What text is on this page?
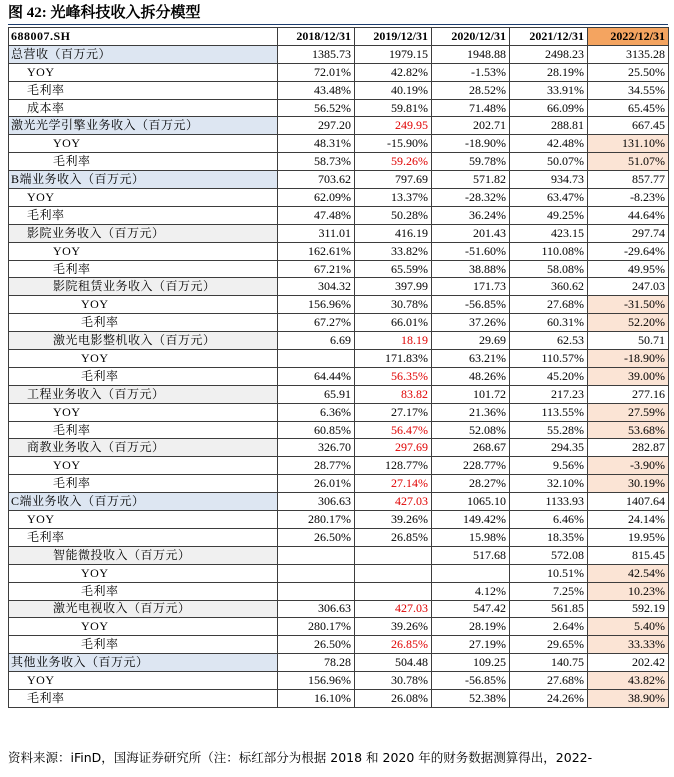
图 42: 光峰科技收入拆分模型
688007.SH	2018/12/31	2019/12/31	2020/12/31	2021/12/31	2022/12/31
总营收（百万元）	1385.73	1979.15	1948.88	2498.23	3135.28
YOY	72.01%	42.82%	-1.53%	28.19%	25.50%
毛利率	43.48%	40.19%	28.52%	33.91%	34.55%
成本率	56.52%	59.81%	71.48%	66.09%	65.45%
激光光学引擎业务收入（百万元）	297.20	249.95	202.71	288.81	667.45
YOY	48.31%	-15.90%	-18.90%	42.48%	131.10%
毛利率	58.73%	59.26%	59.78%	50.07%	51.07%
B端业务收入（百万元）	703.62	797.69	571.82	934.73	857.77
YOY	62.09%	13.37%	-28.32%	63.47%	-8.23%
毛利率	47.48%	50.28%	36.24%	49.25%	44.64%
影院业务收入（百万元）	311.01	416.19	201.43	423.15	297.74
YOY	162.61%	33.82%	-51.60%	110.08%	-29.64%
毛利率	67.21%	65.59%	38.88%	58.08%	49.95%
影院租赁业务收入（百万元）	304.32	397.99	171.73	360.62	247.03
YOY	156.96%	30.78%	-56.85%	27.68%	-31.50%
毛利率	67.27%	66.01%	37.26%	60.31%	52.20%
激光电影整机收入（百万元）	6.69	18.19	29.69	62.53	50.71
YOY		171.83%	63.21%	110.57%	-18.90%
毛利率	64.44%	56.35%	48.26%	45.20%	39.00%
工程业务收入（百万元）	65.91	83.82	101.72	217.23	277.16
YOY	6.36%	27.17%	21.36%	113.55%	27.59%
毛利率	60.85%	56.47%	52.08%	55.28%	53.68%
商教业务收入（百万元）	326.70	297.69	268.67	294.35	282.87
YOY	28.77%	128.77%	228.77%	9.56%	-3.90%
毛利率	26.01%	27.14%	28.27%	32.10%	30.19%
C端业务收入（百万元）	306.63	427.03	1065.10	1133.93	1407.64
YOY	280.17%	39.26%	149.42%	6.46%	24.14%
毛利率	26.50%	26.85%	15.98%	18.35%	19.95%
智能微投收入（百万元）			517.68	572.08	815.45
YOY				10.51%	42.54%
毛利率			4.12%	7.25%	10.23%
激光电视收入（百万元）	306.63	427.03	547.42	561.85	592.19
YOY	280.17%	39.26%	28.19%	2.64%	5.40%
毛利率	26.50%	26.85%	27.19%	29.65%	33.33%
其他业务收入（百万元）	78.28	504.48	109.25	140.75	202.42
YOY	156.96%	30.78%	-56.85%	27.68%	43.82%
毛利率	16.10%	26.08%	52.38%	24.26%	38.90%
资料来源：iFinD，国海证券研究所（注：标红部分为根据 2018 和 2020 年的财务数据测算得出，2022-
